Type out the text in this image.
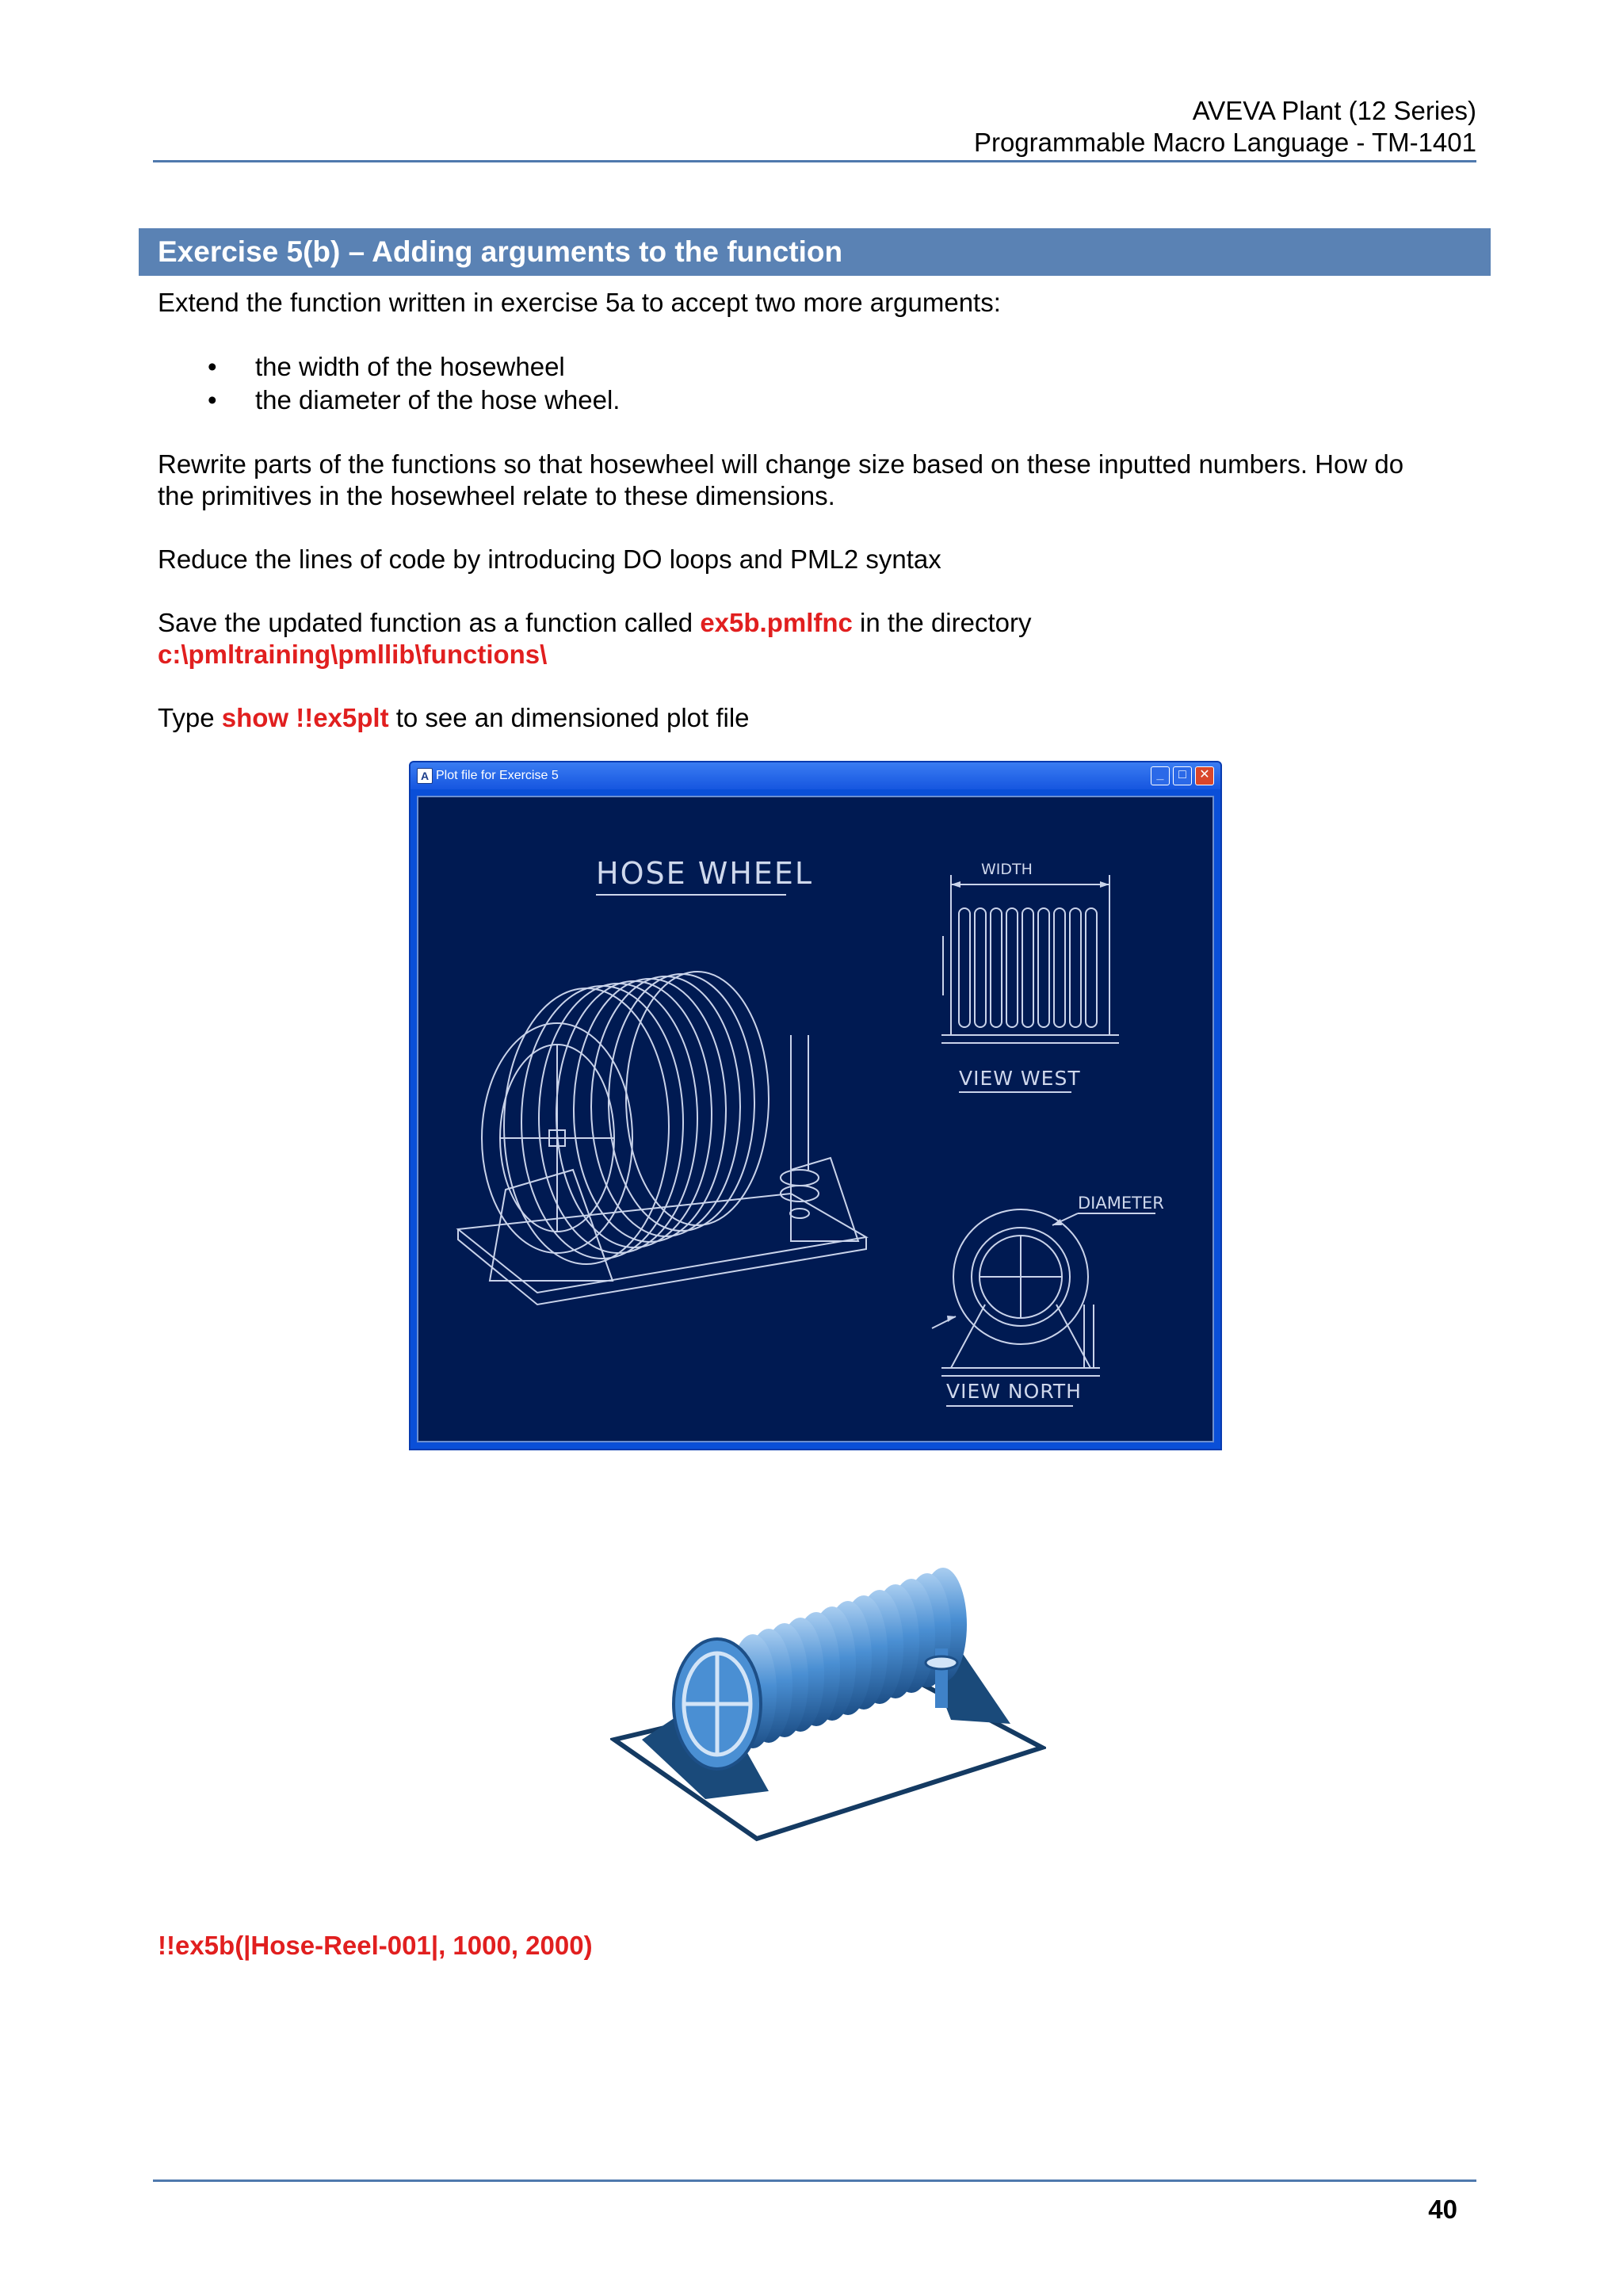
AVEVA Plant (12 Series)
Programmable Macro Language - TM-1401
Exercise 5(b) – Adding arguments to the function
Extend the function written in exercise 5a to accept two more arguments:
• the width of the hosewheel
• the diameter of the hose wheel.
Rewrite parts of the functions so that hosewheel will change size based on these inputted numbers. How do
the primitives in the hosewheel relate to these dimensions.
Reduce the lines of code by introducing DO loops and PML2 syntax
Save the updated function as a function called ex5b.pmlfnc in the directory
c:\pmltraining\pmllib\functions\
Type show !!ex5plt to see an dimensioned plot file
A Plot file for Exercise 5	_	□	✕
HOSE WHEEL	WIDTH
VIEW WEST
DIAMETER
VIEW NORTH
!!ex5b(|Hose-Reel-001|, 1000, 2000)
40
